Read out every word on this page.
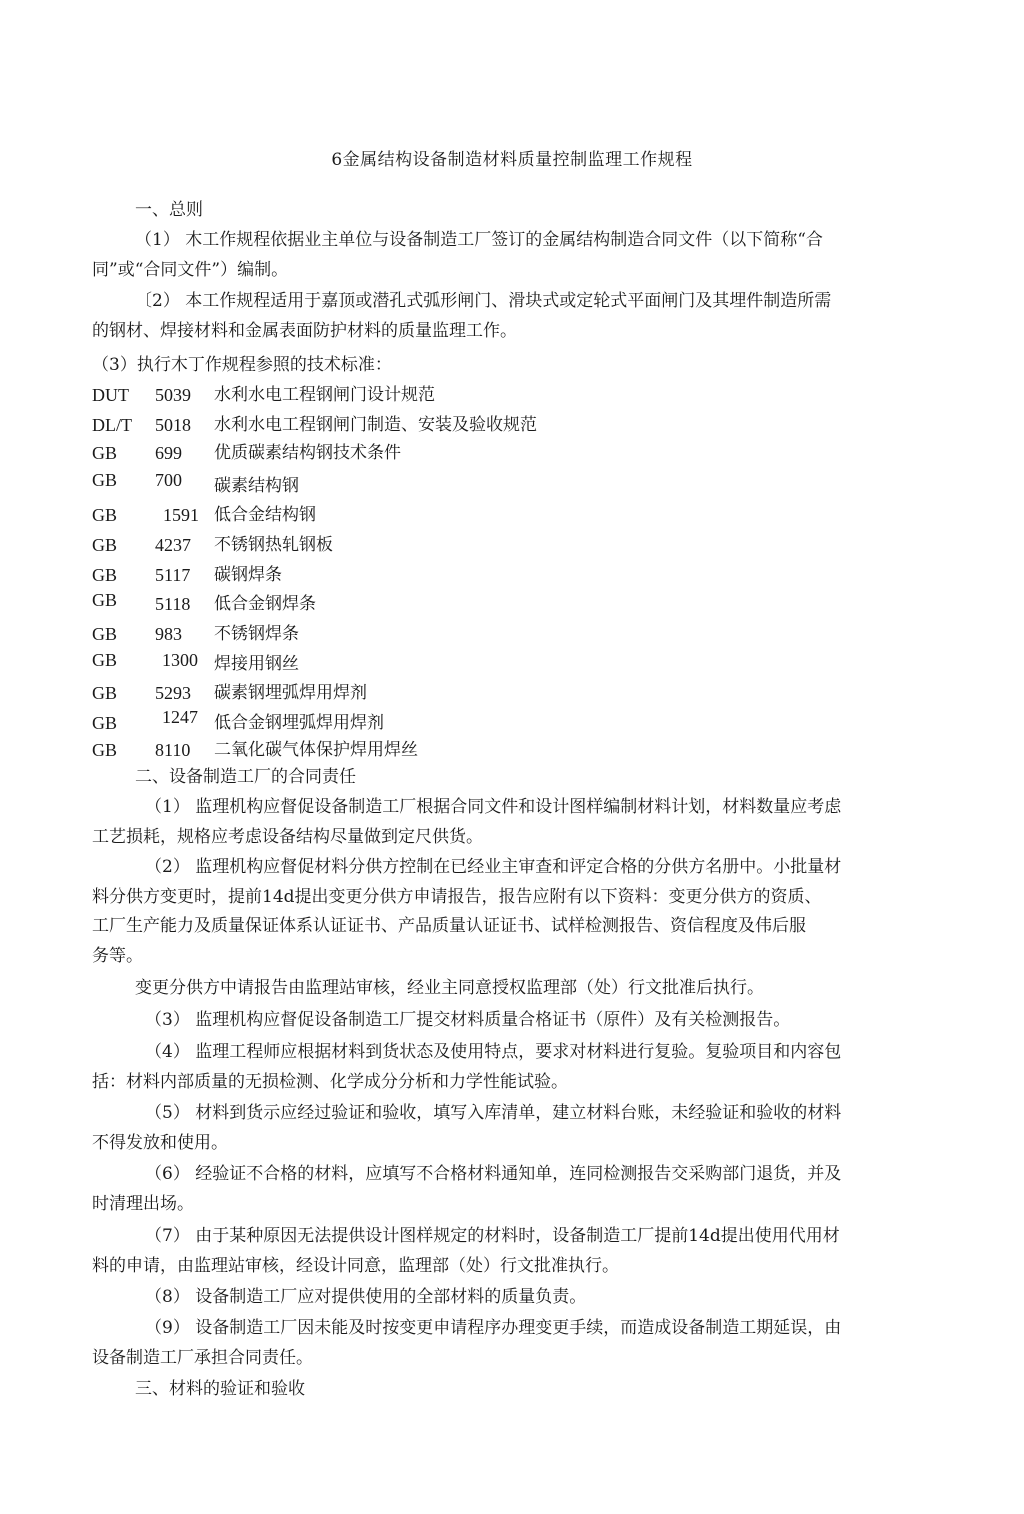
6金属结构设备制造材料质量控制监理工作规程
一、总则
（1） 木工作规程依据业主单位与设备制造工厂签订的金属结构制造合同文件（以下简称“合
同”或“合同文件”）编制。
〔2） 本工作规程适用于嘉顶或潜孔式弧形闸门、滑块式或定轮式平面闸门及其埋件制造所需
的钢材、焊接材料和金属表面防护材料的质量监理工作。
（3）执行木丁作规程参照的技术标准：
DUT 5039 水利水电工程钢闸门设计规范
DL/T 5018 水利水电工程钢闸门制造、安装及验收规范
GB 699 优质碳素结构钢技术条件
GB 700 碳素结构钢
GB	1591 低合金结构钢
GB 4237 不锈钢热轧钢板
GB 5117 碳钢焊条
GB 5118 低合金钢焊条
GB 983 不锈钢焊条
GB 1300 焊接用钢丝
GB 5293 碳素钢埋弧焊用焊剂
GB 1247 低合金钢埋弧焊用焊剂
GB 8110 二氧化碳气体保护焊用焊丝
二、设备制造工厂的合同责任
（1） 监理机构应督促设备制造工厂根据合同文件和设计图样编制材料计划，材料数量应考虑
工艺损耗，规格应考虑设备结构尽量做到定尺供货。
（2） 监理机构应督促材料分供方控制在已经业主审查和评定合格的分供方名册中。小批量材
料分供方变更时，提前14d提出变更分供方申请报告，报告应附有以下资料：变更分供方的资质、
工厂生产能力及质量保证体系认证证书、产品质量认证证书、试样检测报告、资信程度及伟后服
务等。
变更分供方中请报告由监理站审核，经业主同意授权监理部（处）行文批准后执行。
（3） 监理机构应督促设备制造工厂提交材料质量合格证书（原件）及有关检测报告。
（4） 监理工程师应根据材料到货状态及使用特点，要求对材料进行复验。复验项目和内容包
括：材料内部质量的无损检测、化学成分分析和力学性能试验。
（5） 材料到货示应经过验证和验收，填写入库清单，建立材料台账，未经验证和验收的材料
不得发放和使用。
（6） 经验证不合格的材料，应填写不合格材料通知单，连同检测报告交采购部门退货，并及
时清理出场。
（7） 由于某种原因无法提供设计图样规定的材料时，设备制造工厂提前14d提出使用代用材
料的申请，由监理站审核，经设计同意，监理部（处）行文批准执行。
（8） 设备制造工厂应对提供使用的全部材料的质量负责。
（9） 设备制造工厂因未能及时按变更申请程序办理变更手续，而造成设备制造工期延误，由
设备制造工厂承担合同责任。
三、材料的验证和验收
